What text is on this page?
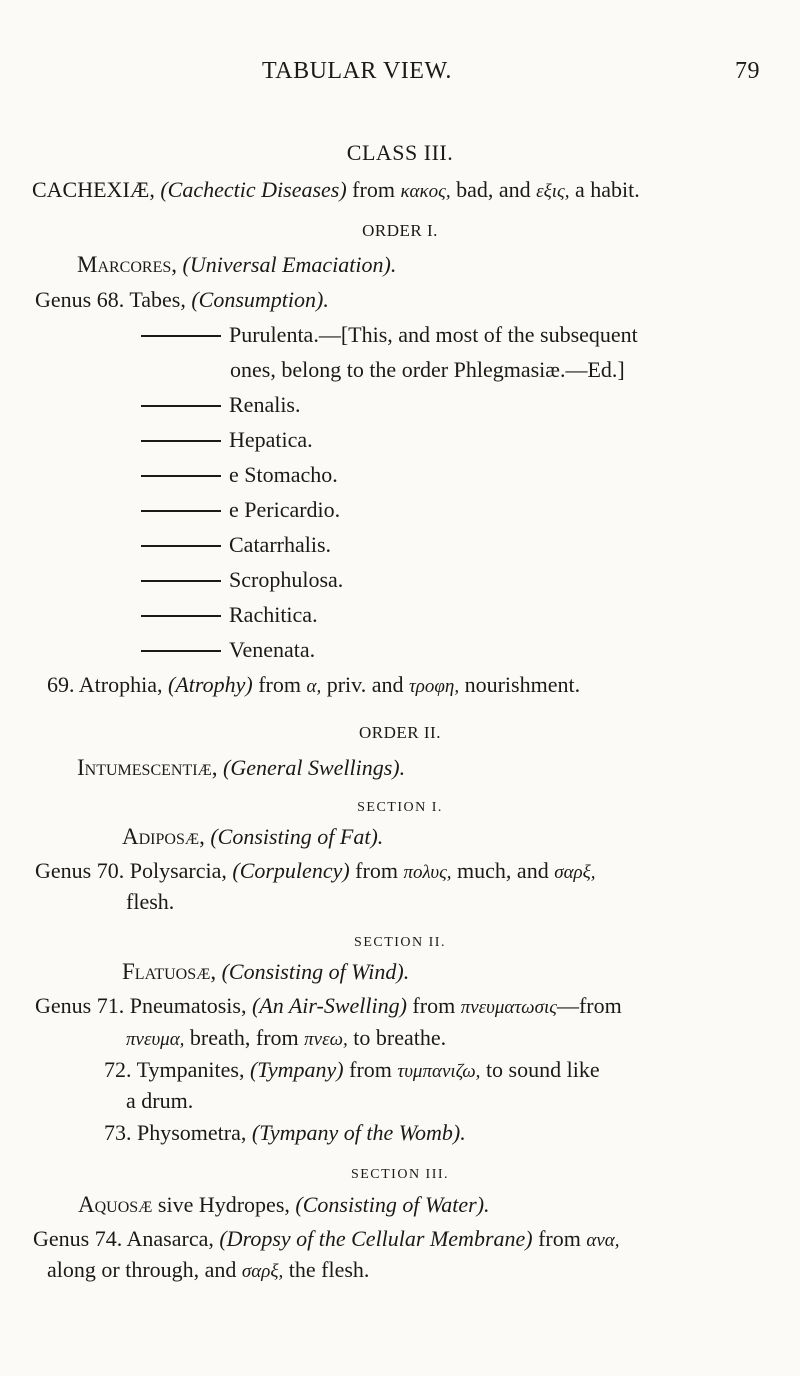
TABULAR VIEW.	79
CLASS III.
CACHEXIÆ, (Cachectic Diseases) from κακος, bad, and εξις, a habit.
ORDER I.
Marcores, (Universal Emaciation).
Genus 68. Tabes, (Consumption).
Purulenta.—[This, and most of the subsequent
ones, belong to the order Phlegmasiæ.—Ed.]
Renalis.
Hepatica.
e Stomacho.
e Pericardio.
Catarrhalis.
Scrophulosa.
Rachitica.
Venenata.
69. Atrophia, (Atrophy) from α, priv. and τροφη, nourishment.
ORDER II.
Intumescentiæ, (General Swellings).
SECTION I.
Adiposæ, (Consisting of Fat).
Genus 70. Polysarcia, (Corpulency) from πολυς, much, and σαρξ,
flesh.
SECTION II.
Flatuosæ, (Consisting of Wind).
Genus 71. Pneumatosis, (An Air-Swelling) from πνευματωσις—from
πνευμα, breath, from πνεω, to breathe.
72. Tympanites, (Tympany) from τυμπανιζω, to sound like
a drum.
73. Physometra, (Tympany of the Womb).
SECTION III.
Aquosæ sive Hydropes, (Consisting of Water).
Genus 74. Anasarca, (Dropsy of the Cellular Membrane) from ανα,
along or through, and σαρξ, the flesh.
